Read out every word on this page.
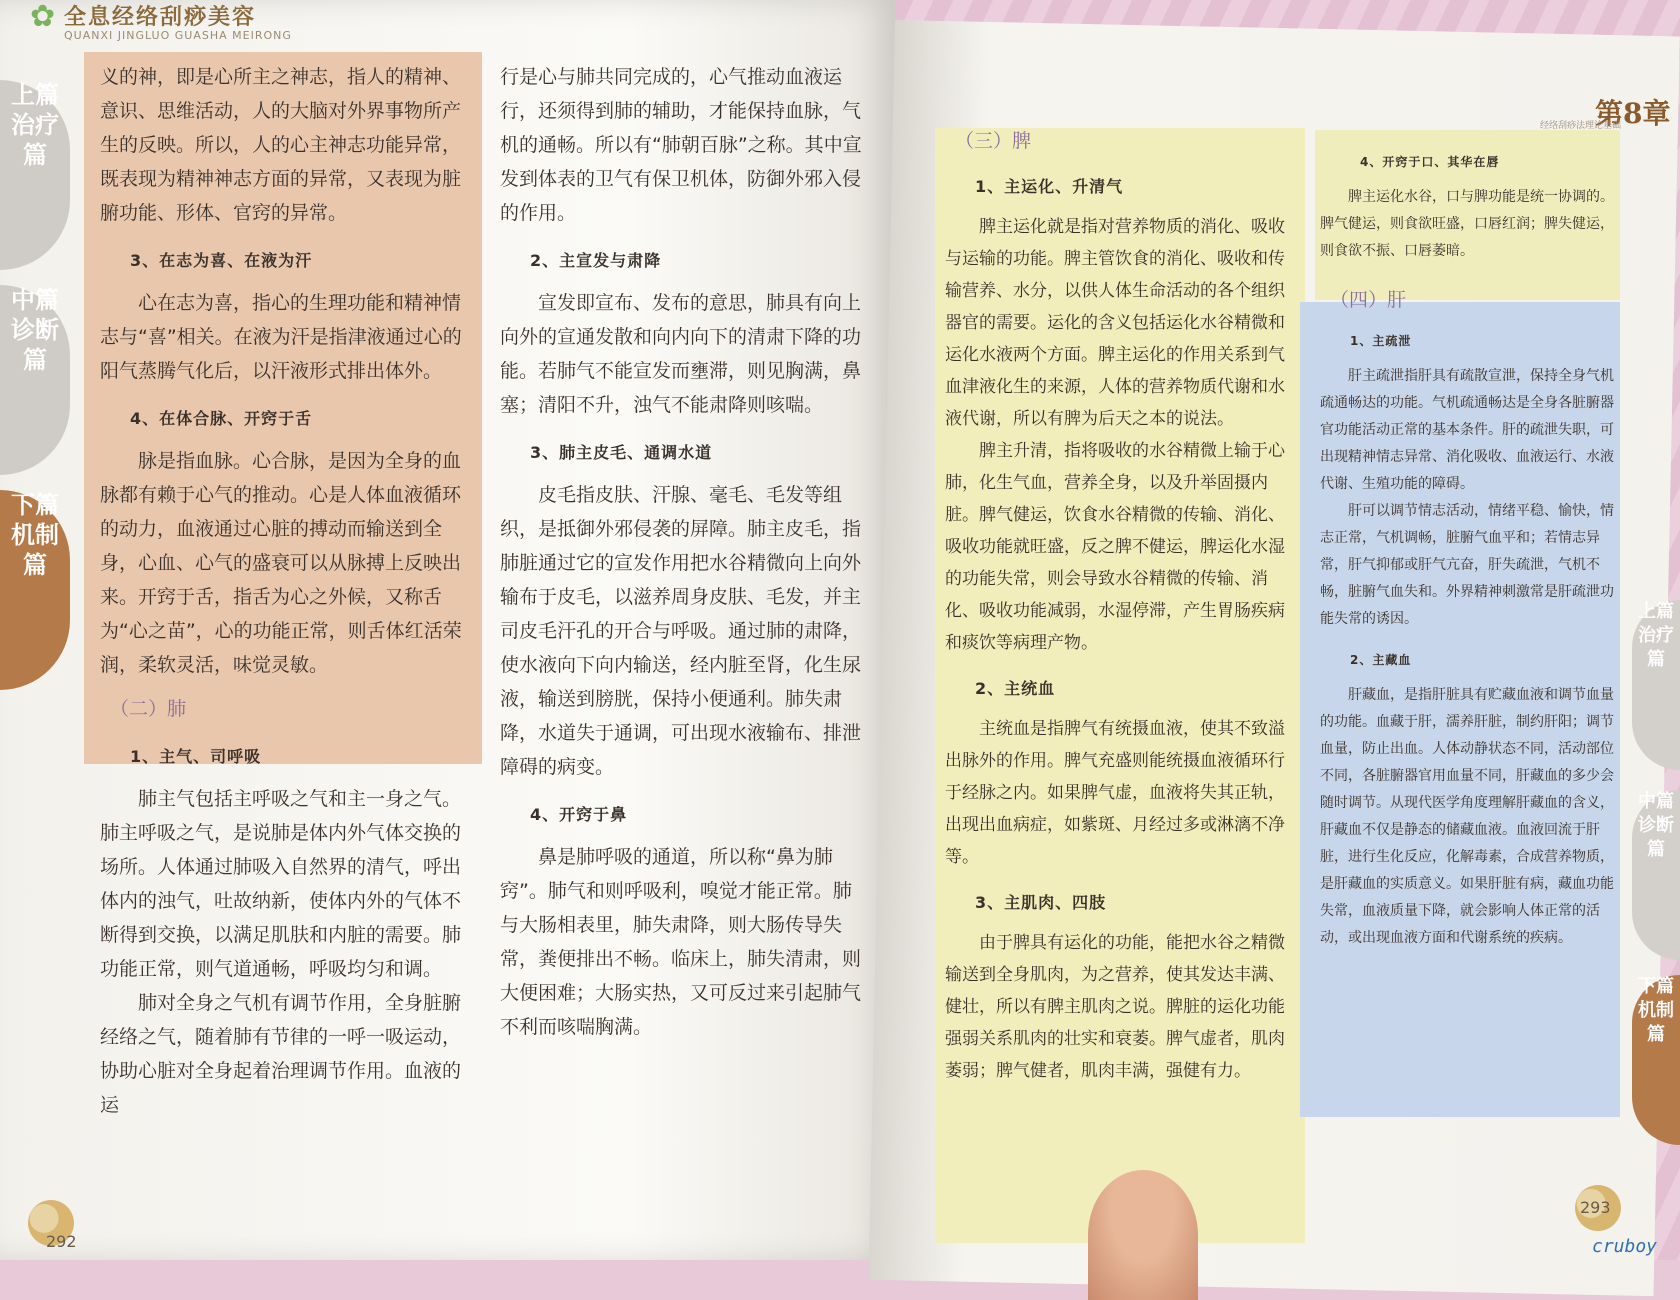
✿ 全息经络刮痧美容
QUANXI JINGLUO GUASHA MEIRONG
上篇
治疗篇
中篇
诊断篇
下篇
机制篇

义的神，即是心所主之神志，指人的精神、意识、思维活动，人的大脑对外界事物所产生的反映。所以，人的心主神志功能异常，既表现为精神神志方面的异常，又表现为脏腑功能、形体、官窍的异常。

3、在志为喜、在液为汗

心在志为喜，指心的生理功能和精神情志与“喜”相关。在液为汗是指津液通过心的阳气蒸腾气化后，以汗液形式排出体外。

4、在体合脉、开窍于舌

脉是指血脉。心合脉，是因为全身的血脉都有赖于心气的推动。心是人体血液循环的动力，血液通过心脏的搏动而输送到全身，心血、心气的盛衰可以从脉搏上反映出来。开窍于舌，指舌为心之外候，又称舌为“心之苗”，心的功能正常，则舌体红活荣润，柔软灵活，味觉灵敏。

（二）肺
1、主气、司呼吸

肺主气包括主呼吸之气和主一身之气。肺主呼吸之气，是说肺是体内外气体交换的场所。人体通过肺吸入自然界的清气，呼出体内的浊气，吐故纳新，使体内外的气体不断得到交换，以满足肌肤和内脏的需要。肺功能正常，则气道通畅，呼吸均匀和调。

肺对全身之气机有调节作用，全身脏腑经络之气，随着肺有节律的一呼一吸运动，协助心脏对全身起着治理调节作用。血液的运

行是心与肺共同完成的，心气推动血液运行，还须得到肺的辅助，才能保持血脉，气机的通畅。所以有“肺朝百脉”之称。其中宣发到体表的卫气有保卫机体，防御外邪入侵的作用。

2、主宣发与肃降

宣发即宣布、发布的意思，肺具有向上向外的宣通发散和向内向下的清肃下降的功能。若肺气不能宣发而壅滞，则见胸满，鼻塞；清阳不升，浊气不能肃降则咳喘。

3、肺主皮毛、通调水道

皮毛指皮肤、汗腺、毫毛、毛发等组织，是抵御外邪侵袭的屏障。肺主皮毛，指肺脏通过它的宣发作用把水谷精微向上向外输布于皮毛，以滋养周身皮肤、毛发，并主司皮毛汗孔的开合与呼吸。通过肺的肃降，使水液向下向内输送，经内脏至肾，化生尿液，输送到膀胱，保持小便通利。肺失肃降，水道失于通调，可出现水液输布、排泄障碍的病变。

4、开窍于鼻

鼻是肺呼吸的通道，所以称“鼻为肺窍”。肺气和则呼吸利，嗅觉才能正常。肺与大肠相表里，肺失肃降，则大肠传导失常，粪便排出不畅。临床上，肺失清肃，则大便困难；大肠实热，又可反过来引起肺气不利而咳喘胸满。

292
第8章
经络刮痧法理论基础
（三）脾
1、主运化、升清气

脾主运化就是指对营养物质的消化、吸收与运输的功能。脾主管饮食的消化、吸收和传输营养、水分，以供人体生命活动的各个组织器官的需要。运化的含义包括运化水谷精微和运化水液两个方面。脾主运化的作用关系到气血津液化生的来源，人体的营养物质代谢和水液代谢，所以有脾为后天之本的说法。

脾主升清，指将吸收的水谷精微上输于心肺，化生气血，营养全身，以及升举固摄内脏。脾气健运，饮食水谷精微的传输、消化、吸收功能就旺盛，反之脾不健运，脾运化水湿的功能失常，则会导致水谷精微的传输、消化、吸收功能减弱，水湿停滞，产生胃肠疾病和痰饮等病理产物。

2、主统血

主统血是指脾气有统摄血液，使其不致溢出脉外的作用。脾气充盛则能统摄血液循环行于经脉之内。如果脾气虚，血液将失其正轨，出现出血病症，如紫斑、月经过多或淋漓不净等。

3、主肌肉、四肢

由于脾具有运化的功能，能把水谷之精微输送到全身肌肉，为之营养，使其发达丰满、健壮，所以有脾主肌肉之说。脾脏的运化功能强弱关系肌肉的壮实和衰萎。脾气虚者，肌肉萎弱；脾气健者，肌肉丰满，强健有力。

4、开窍于口、其华在唇

脾主运化水谷，口与脾功能是统一协调的。脾气健运，则食欲旺盛，口唇红润；脾失健运，则食欲不振、口唇萎暗。

（四）肝
1、主疏泄

肝主疏泄指肝具有疏散宣泄，保持全身气机疏通畅达的功能。气机疏通畅达是全身各脏腑器官功能活动正常的基本条件。肝的疏泄失职，可出现精神情志异常、消化吸收、血液运行、水液代谢、生殖功能的障碍。

肝可以调节情志活动，情绪平稳、愉快，情志正常，气机调畅，脏腑气血平和；若情志异常，肝气抑郁或肝气亢奋，肝失疏泄，气机不畅，脏腑气血失和。外界精神刺激常是肝疏泄功能失常的诱因。

2、主藏血

肝藏血，是指肝脏具有贮藏血液和调节血量的功能。血藏于肝，濡养肝脏，制约肝阳；调节血量，防止出血。人体动静状态不同，活动部位不同，各脏腑器官用血量不同，肝藏血的多少会随时调节。从现代医学角度理解肝藏血的含义，肝藏血不仅是静态的储藏血液。血液回流于肝脏，进行生化反应，化解毒素，合成营养物质，是肝藏血的实质意义。如果肝脏有病，藏血功能失常，血液质量下降，就会影响人体正常的活动，或出现血液方面和代谢系统的疾病。

上篇
治疗篇
中篇
诊断篇
下篇
机制篇
293
cruboy
